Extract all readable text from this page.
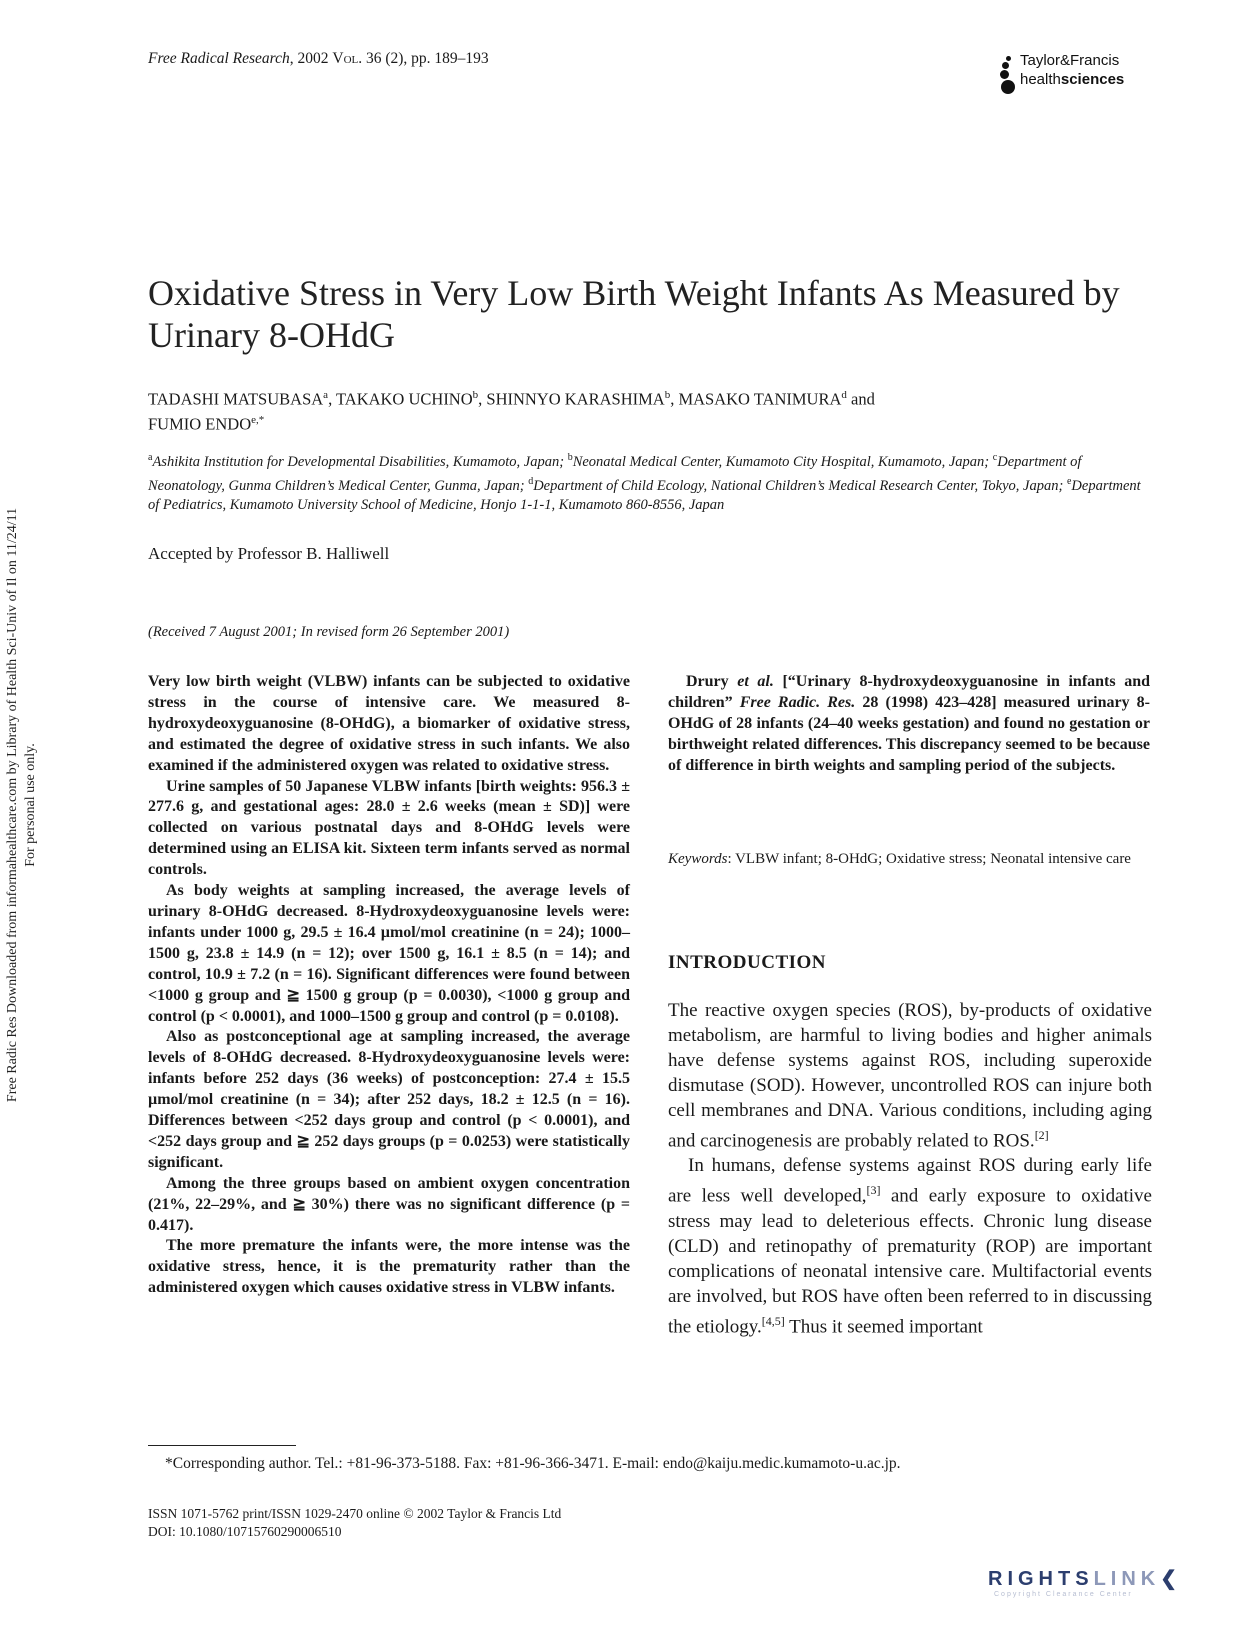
Free Radical Research, 2002 Vol. 36 (2), pp. 189–193	Taylor&Francis
healthsciences
Oxidative Stress in Very Low Birth Weight Infants As Measured by Urinary 8-OHdG
TADASHI MATSUBASA$^a$, TAKAKO UCHINO$^b$, SHINNYO KARASHIMA$^b$, MASAKO TANIMURA$^d$ and
FUMIO $ENDO^{e,*}$
$^a$Ashikita Institution for Developmental Disabilities, Kumamoto, Japan; $^b$Neonatal Medical Center, Kumamoto City Hospital, Kumamoto, Japan; $^c$Department of Neonatology, Gunma Children’s Medical Center, Gunma, Japan; $^d$Department of Child Ecology, National Children’s Medical Research Center, Tokyo, Japan; $^e$Department of Pediatrics, Kumamoto University School of Medicine, Honjo 1-1-1, Kumamoto 860-8556, Japan
Accepted by Professor B. Halliwell
(Received 7 August 2001; In revised form 26 September 2001)

Very low birth weight (VLBW) infants can be subjected to oxidative stress in the course of intensive care. We measured 8-hydroxydeoxyguanosine (8-OHdG), a biomarker of oxidative stress, and estimated the degree of oxidative stress in such infants. We also examined if the administered oxygen was related to oxidative stress.

Urine samples of 50 Japanese VLBW infants [birth weights: 956.3 ± 277.6 g, and gestational ages: 28.0 ± 2.6 weeks (mean ± SD)] were collected on various postnatal days and 8-OHdG levels were determined using an ELISA kit. Sixteen term infants served as normal controls.

As body weights at sampling increased, the average levels of urinary 8-OHdG decreased. 8-Hydroxydeoxyguanosine levels were: infants under 1000 g, 29.5 ± 16.4 µmol/mol creatinine (n = 24); 1000–1500 g, 23.8 ± 14.9 (n = 12); over 1500 g, 16.1 ± 8.5 (n = 14); and control, 10.9 ± 7.2 (n = 16). Significant differences were found between <1000 g group and ≧ 1500 g group (p = 0.0030), <1000 g group and control (p < 0.0001), and 1000–1500 g group and control (p = 0.0108).

Also as postconceptional age at sampling increased, the average levels of 8-OHdG decreased. 8-Hydroxydeoxyguanosine levels were: infants before 252 days (36 weeks) of postconception: 27.4 ± 15.5 µmol/mol creatinine (n = 34); after 252 days, 18.2 ± 12.5 (n = 16). Differences between <252 days group and control (p < 0.0001), and <252 days group and ≧ 252 days groups (p = 0.0253) were statistically significant.

Among the three groups based on ambient oxygen concentration (21%, 22–29%, and ≧ 30%) there was no significant difference (p = 0.417).

The more premature the infants were, the more intense was the oxidative stress, hence, it is the prematurity rather than the administered oxygen which causes oxidative stress in VLBW infants.

Drury et al. [“Urinary 8-hydroxydeoxyguanosine in infants and children” Free Radic. Res. 28 (1998) 423–428] measured urinary 8-OHdG of 28 infants (24–40 weeks gestation) and found no gestation or birthweight related differences. This discrepancy seemed to be because of difference in birth weights and sampling period of the subjects.
Keywords: VLBW infant; 8-OHdG; Oxidative stress; Neonatal intensive care
INTRODUCTION

The reactive oxygen species (ROS), by-products of oxidative metabolism, are harmful to living bodies and higher animals have defense systems against ROS, including superoxide dismutase (SOD). However, uncontrolled ROS can injure both cell membranes and DNA. Various conditions, including aging and carcinogenesis are probably related to ROS.[2]

In humans, defense systems against ROS during early life are less well developed,[3] and early exposure to oxidative stress may lead to deleterious effects. Chronic lung disease (CLD) and retinopathy of prematurity (ROP) are important complications of neonatal intensive care. Multifactorial events are involved, but ROS have often been referred to in discussing the etiology.[4,5] Thus it seemed important

*Corresponding author. Tel.: +81-96-373-5188. Fax: +81-96-366-3471. E-mail: endo@kaiju.medic.kumamoto-u.ac.jp.
ISSN 1071-5762 print/ISSN 1029-2470 online © 2002 Taylor & Francis Ltd
DOI: 10.1080/10715760290006510
Free Radic Res Downloaded from informahealthcare.com by Library of Health Sci-Univ of Il on 11/24/11 For personal use only.
RIGHTSLINK❮
Copyright Clearance Center
